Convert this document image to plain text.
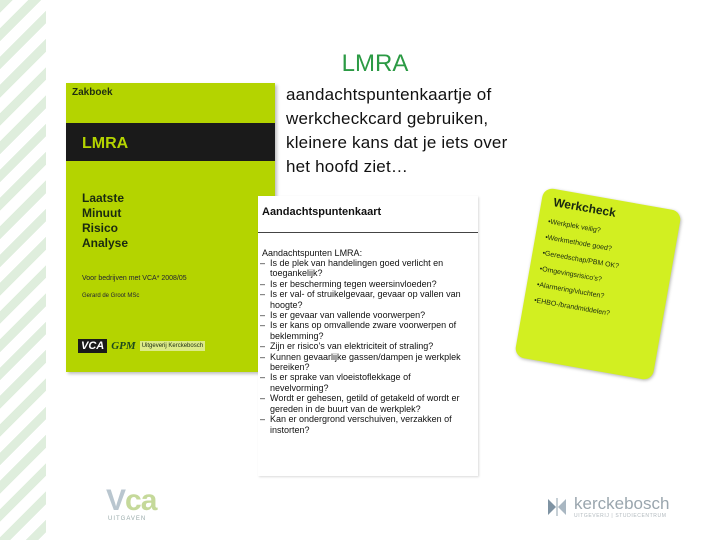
LMRA
aandachtspuntenkaartje of
werkcheckcard gebruiken,
kleinere kans dat je iets over
het hoofd ziet…
Zakboek
LMRA
Laatste
Minuut
Risico
Analyse
Voor bedrijven met VCA* 2008/05
Gerard de Groot MSc
VCA GPM	Uitgeverij Kerckebosch
Aandachtspuntenkaart
Aandachtspunten LMRA:
– Is de plek van handelingen goed verlicht en
toegankelijk?
– Is er bescherming tegen weersinvloeden?
– Is er val- of struikelgevaar, gevaar op vallen van
hoogte?
– Is er gevaar van vallende voorwerpen?
– Is er kans op omvallende zware voorwerpen of
beklemming?
– Zijn er risico's van elektriciteit of straling?
– Kunnen gevaarlijke gassen/dampen je werkplek
bereiken?
– Is er sprake van vloeistoflekkage of
nevelvorming?
– Wordt er gehesen, getild of getakeld of wordt er
gereden in de buurt van de werkplek?
– Kan er ondergrond verschuiven, verzakken of
instorten?
Werkcheck
•Werkplek veilig?
•Werkmethode goed?
•Gereedschap/PBM OK?
•Omgevingsrisico's?
•Alarmering/vluchten?
•EHBO-/brandmiddelen?
Vca
UITGAVEN
kerckebosch
UITGEVERIJ | STUDIECENTRUM
